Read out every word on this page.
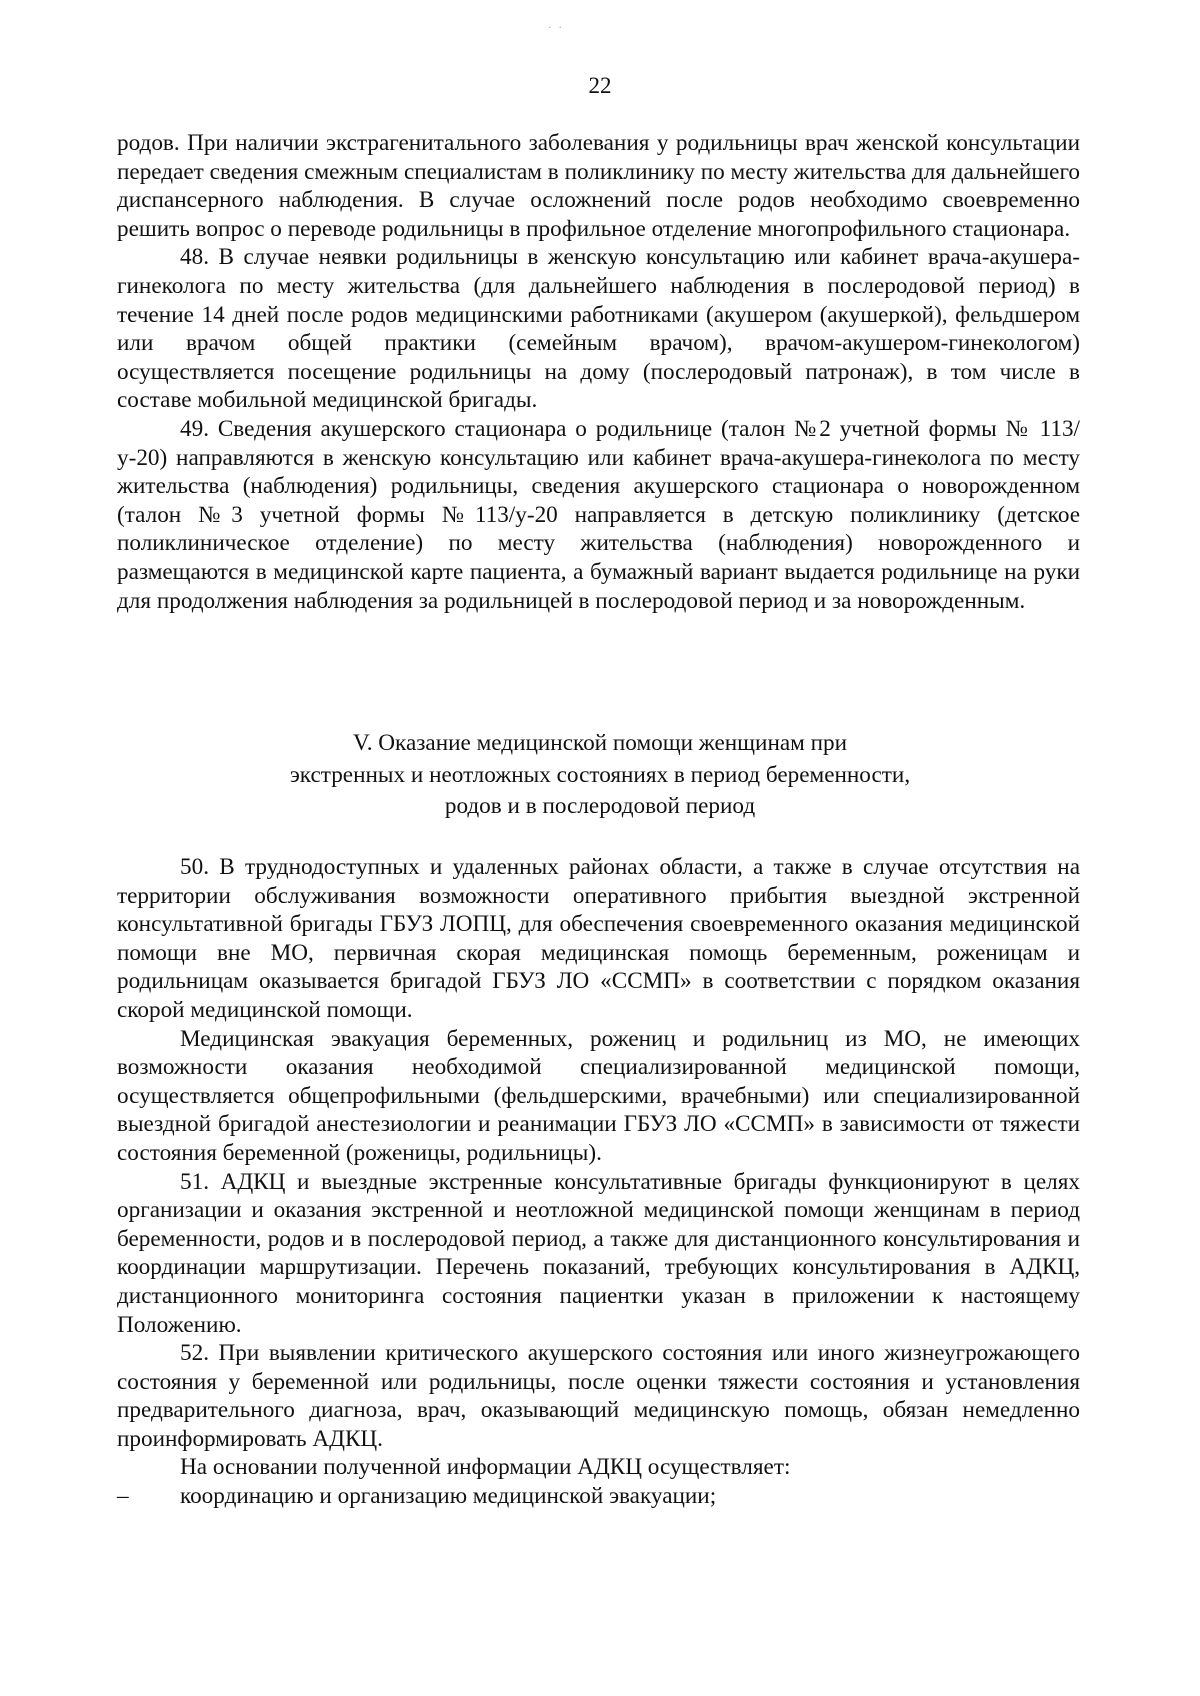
· ·
22

родов. При наличии экстрагенитального заболевания у родильницы врач женской консультации передает сведения смежным специалистам в поликлинику по месту жительства для дальнейшего диспансерного наблюдения. В случае осложнений после родов необходимо своевременно решить вопрос о переводе родильницы в профильное отделение многопрофильного стационара.

48. В случае неявки родильницы в женскую консультацию или кабинет врача-акушера-гинеколога по месту жительства (для дальнейшего наблюдения в послеродовой период) в течение 14 дней после родов медицинскими работниками (акушером (акушеркой), фельдшером или врачом общей практики (семейным врачом), врачом-акушером-гинекологом) осуществляется посещение родильницы на дому (послеродовый патронаж), в том числе в составе мобильной медицинской бригады.

49. Сведения акушерского стационара о родильнице (талон №2 учетной формы № 113/у-20) направляются в женскую консультацию или кабинет врача-акушера-гинеколога по месту жительства (наблюдения) родильницы, сведения акушерского стационара о новорожденном (талон №3 учетной формы №113/у-20 направляется в детскую поликлинику (детское поликлиническое отделение) по месту жительства (наблюдения) новорожденного и размещаются в медицинской карте пациента, а бумажный вариант выдается родильнице на руки для продолжения наблюдения за родильницей в послеродовой период и за новорожденным.

V. Оказание медицинской помощи женщинам при
экстренных и неотложных состояниях в период беременности,
родов и в послеродовой период

50. В труднодоступных и удаленных районах области, а также в случае отсутствия на территории обслуживания возможности оперативного прибытия выездной экстренной консультативной бригады ГБУЗ ЛОПЦ, для обеспечения своевременного оказания медицинской помощи вне МО, первичная скорая медицинская помощь беременным, роженицам и родильницам оказывается бригадой ГБУЗ ЛО «ССМП» в соответствии с порядком оказания скорой медицинской помощи.

Медицинская эвакуация беременных, рожениц и родильниц из МО, не имеющих возможности оказания необходимой специализированной медицинской помощи, осуществляется общепрофильными (фельдшерскими, врачебными) или специализированной выездной бригадой анестезиологии и реанимации ГБУЗ ЛО «ССМП» в зависимости от тяжести состояния беременной (роженицы, родильницы).

51. АДКЦ и выездные экстренные консультативные бригады функционируют в целях организации и оказания экстренной и неотложной медицинской помощи женщинам в период беременности, родов и в послеродовой период, а также для дистанционного консультирования и координации маршрутизации. Перечень показаний, требующих консультирования в АДКЦ, дистанционного мониторинга состояния пациентки указан в приложении к настоящему Положению.

52. При выявлении критического акушерского состояния или иного жизнеугрожающего состояния у беременной или родильницы, после оценки тяжести состояния и установления предварительного диагноза, врач, оказывающий медицинскую помощь, обязан немедленно проинформировать АДКЦ.

На основании полученной информации АДКЦ осуществляет:

– координацию и организацию медицинской эвакуации;
